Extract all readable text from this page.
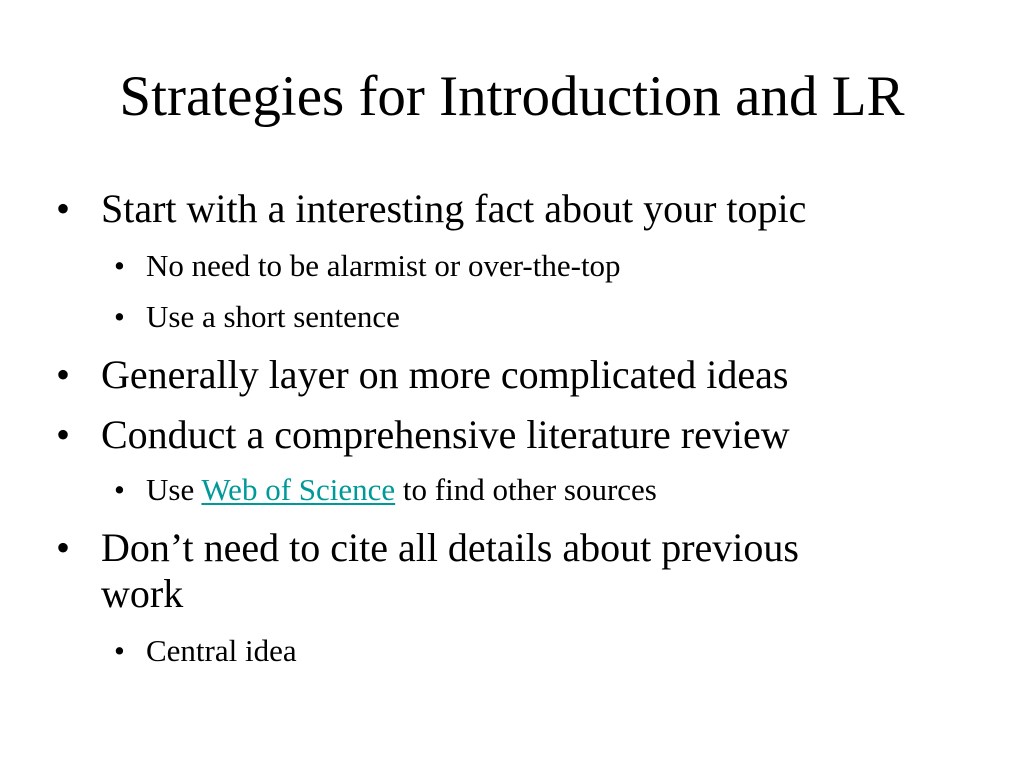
Strategies for Introduction and LR
• Start with a interesting fact about your topic
• No need to be alarmist or over-the-top
• Use a short sentence
• Generally layer on more complicated ideas
• Conduct a comprehensive literature review
• Use Web of Science to find other sources
• Don’t need to cite all details about previous
work
• Central idea
